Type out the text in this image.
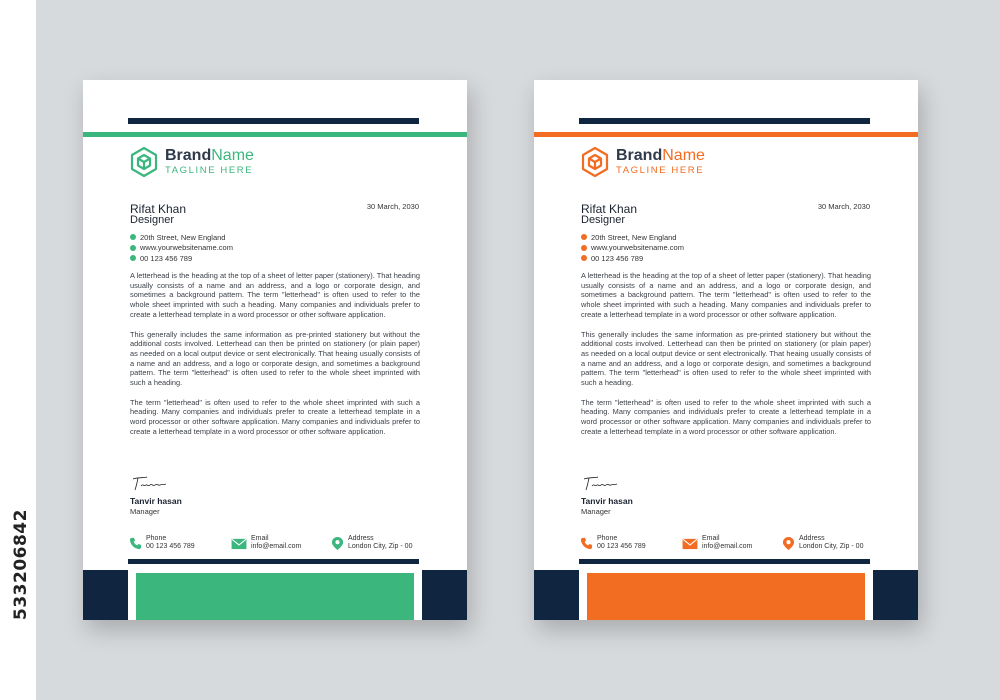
533206842
BrandName
TAGLINE HERE
30 March, 2030
Rifat Khan
Designer
20th Street, New England
www.yourwebsitename.com
00 123 456 789

A letterhead is the heading at the top of a sheet of letter paper (stationery). That heading usually consists of a name and an address, and a logo or corporate design, and sometimes a background pattern. The term "letterhead" is often used to refer to the whole sheet imprinted with such a heading. Many companies and individuals prefer to create a letterhead template in a word processor or other software application.

This generally includes the same information as pre-printed stationery but without the additional costs involved. Letterhead can then be printed on stationery (or plain paper) as needed on a local output device or sent electronically. That heaing usually consists of a name and an address, and a logo or corporate design, and sometimes a background pattern. The term "letterhead" is often used to refer to the whole sheet imprinted with such a heading.

The term "letterhead" is often used to refer to the whole sheet imprinted with such a heading. Many companies and individuals prefer to create a letterhead template in a word processor or other software application. Many companies and individuals prefer to create a letterhead template in a word processor or other software application.

Tanvir hasan
Manager
Phone
00 123 456 789
Email
info@email.com
Address
London City, Zip - 00
BrandName
TAGLINE HERE
30 March, 2030
Rifat Khan
Designer
20th Street, New England
www.yourwebsitename.com
00 123 456 789

A letterhead is the heading at the top of a sheet of letter paper (stationery). That heading usually consists of a name and an address, and a logo or corporate design, and sometimes a background pattern. The term "letterhead" is often used to refer to the whole sheet imprinted with such a heading. Many companies and individuals prefer to create a letterhead template in a word processor or other software application.

This generally includes the same information as pre-printed stationery but without the additional costs involved. Letterhead can then be printed on stationery (or plain paper) as needed on a local output device or sent electronically. That heaing usually consists of a name and an address, and a logo or corporate design, and sometimes a background pattern. The term "letterhead" is often used to refer to the whole sheet imprinted with such a heading.

The term "letterhead" is often used to refer to the whole sheet imprinted with such a heading. Many companies and individuals prefer to create a letterhead template in a word processor or other software application. Many companies and individuals prefer to create a letterhead template in a word processor or other software application.

Tanvir hasan
Manager
Phone
00 123 456 789
Email
info@email.com
Address
London City, Zip - 00
